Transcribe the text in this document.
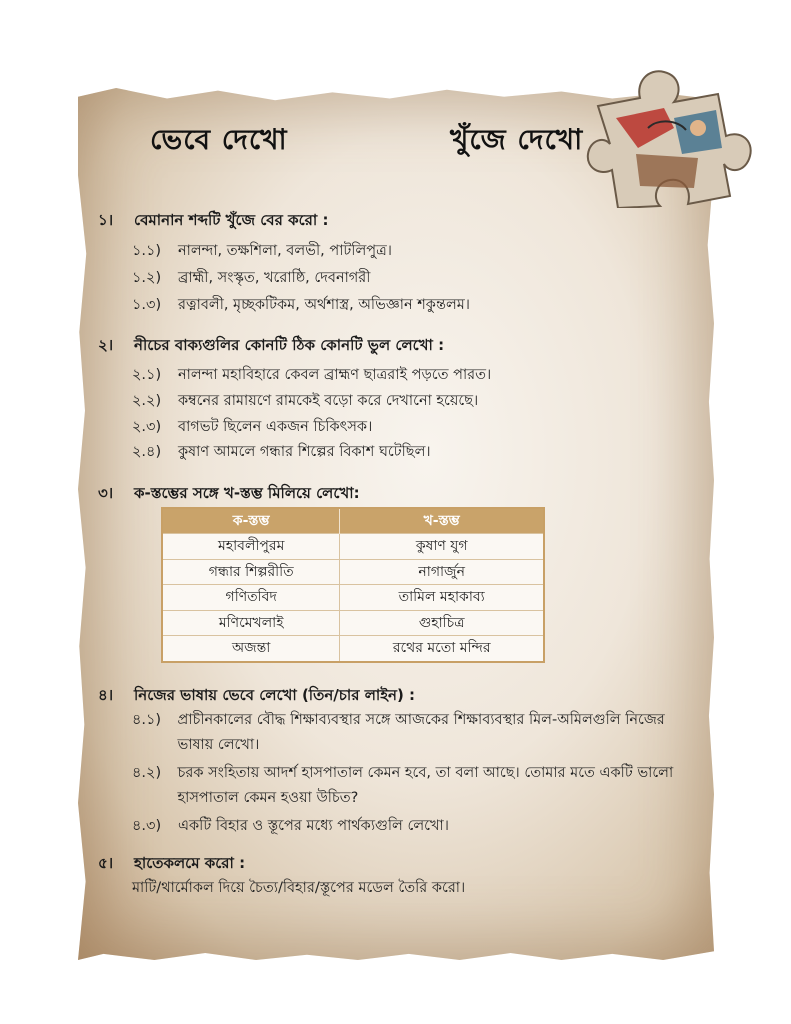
ভেবে দেখো	খুঁজে দেখো
১।	বেমানান শব্দটি খুঁজে বের করো :
১.১)	নালন্দা, তক্ষশিলা, বলভী, পাটলিপুত্র।
১.২)	ব্রাহ্মী, সংস্কৃত, খরোষ্ঠি, দেবনাগরী
১.৩)	রত্নাবলী, মৃচ্ছকটিকম, অর্থশাস্ত্র, অভিজ্ঞান শকুন্তলম।
২।	নীচের বাক্যগুলির কোনটি ঠিক কোনটি ভুল লেখো :
২.১)	নালন্দা মহাবিহারে কেবল ব্রাহ্মণ ছাত্ররাই পড়তে পারত।
২.২)	কম্বনের রামায়ণে রামকেই বড়ো করে দেখানো হয়েছে।
২.৩)	বাগভট ছিলেন একজন চিকিৎসক।
২.৪)	কুষাণ আমলে গন্ধার শিল্পের বিকাশ ঘটেছিল।
৩।	ক-স্তম্ভের সঙ্গে খ-স্তম্ভ মিলিয়ে লেখো:
ক-স্তম্ভ	খ-স্তম্ভ
মহাবলীপুরম	কুষাণ যুগ
গন্ধার শিল্পরীতি	নাগার্জুন
গণিতবিদ	তামিল মহাকাব্য
মণিমেখলাই	গুহাচিত্র
অজন্তা	রথের মতো মন্দির
৪।	নিজের ভাষায় ভেবে লেখো (তিন/চার লাইন) :
৪.১)	প্রাচীনকালের বৌদ্ধ শিক্ষাব্যবস্থার সঙ্গে আজকের শিক্ষাব্যবস্থার মিল-অমিলগুলি নিজের ভাষায় লেখো।
৪.২)	চরক সংহিতায় আদর্শ হাসপাতাল কেমন হবে, তা বলা আছে। তোমার মতে একটি ভালো হাসপাতাল কেমন হওয়া উচিত?
৪.৩)	একটি বিহার ও স্তূপের মধ্যে পার্থক্যগুলি লেখো।
৫।	হাতেকলমে করো :
মাটি/থার্মোকল দিয়ে চৈত্য/বিহার/স্তূপের মডেল তৈরি করো।
